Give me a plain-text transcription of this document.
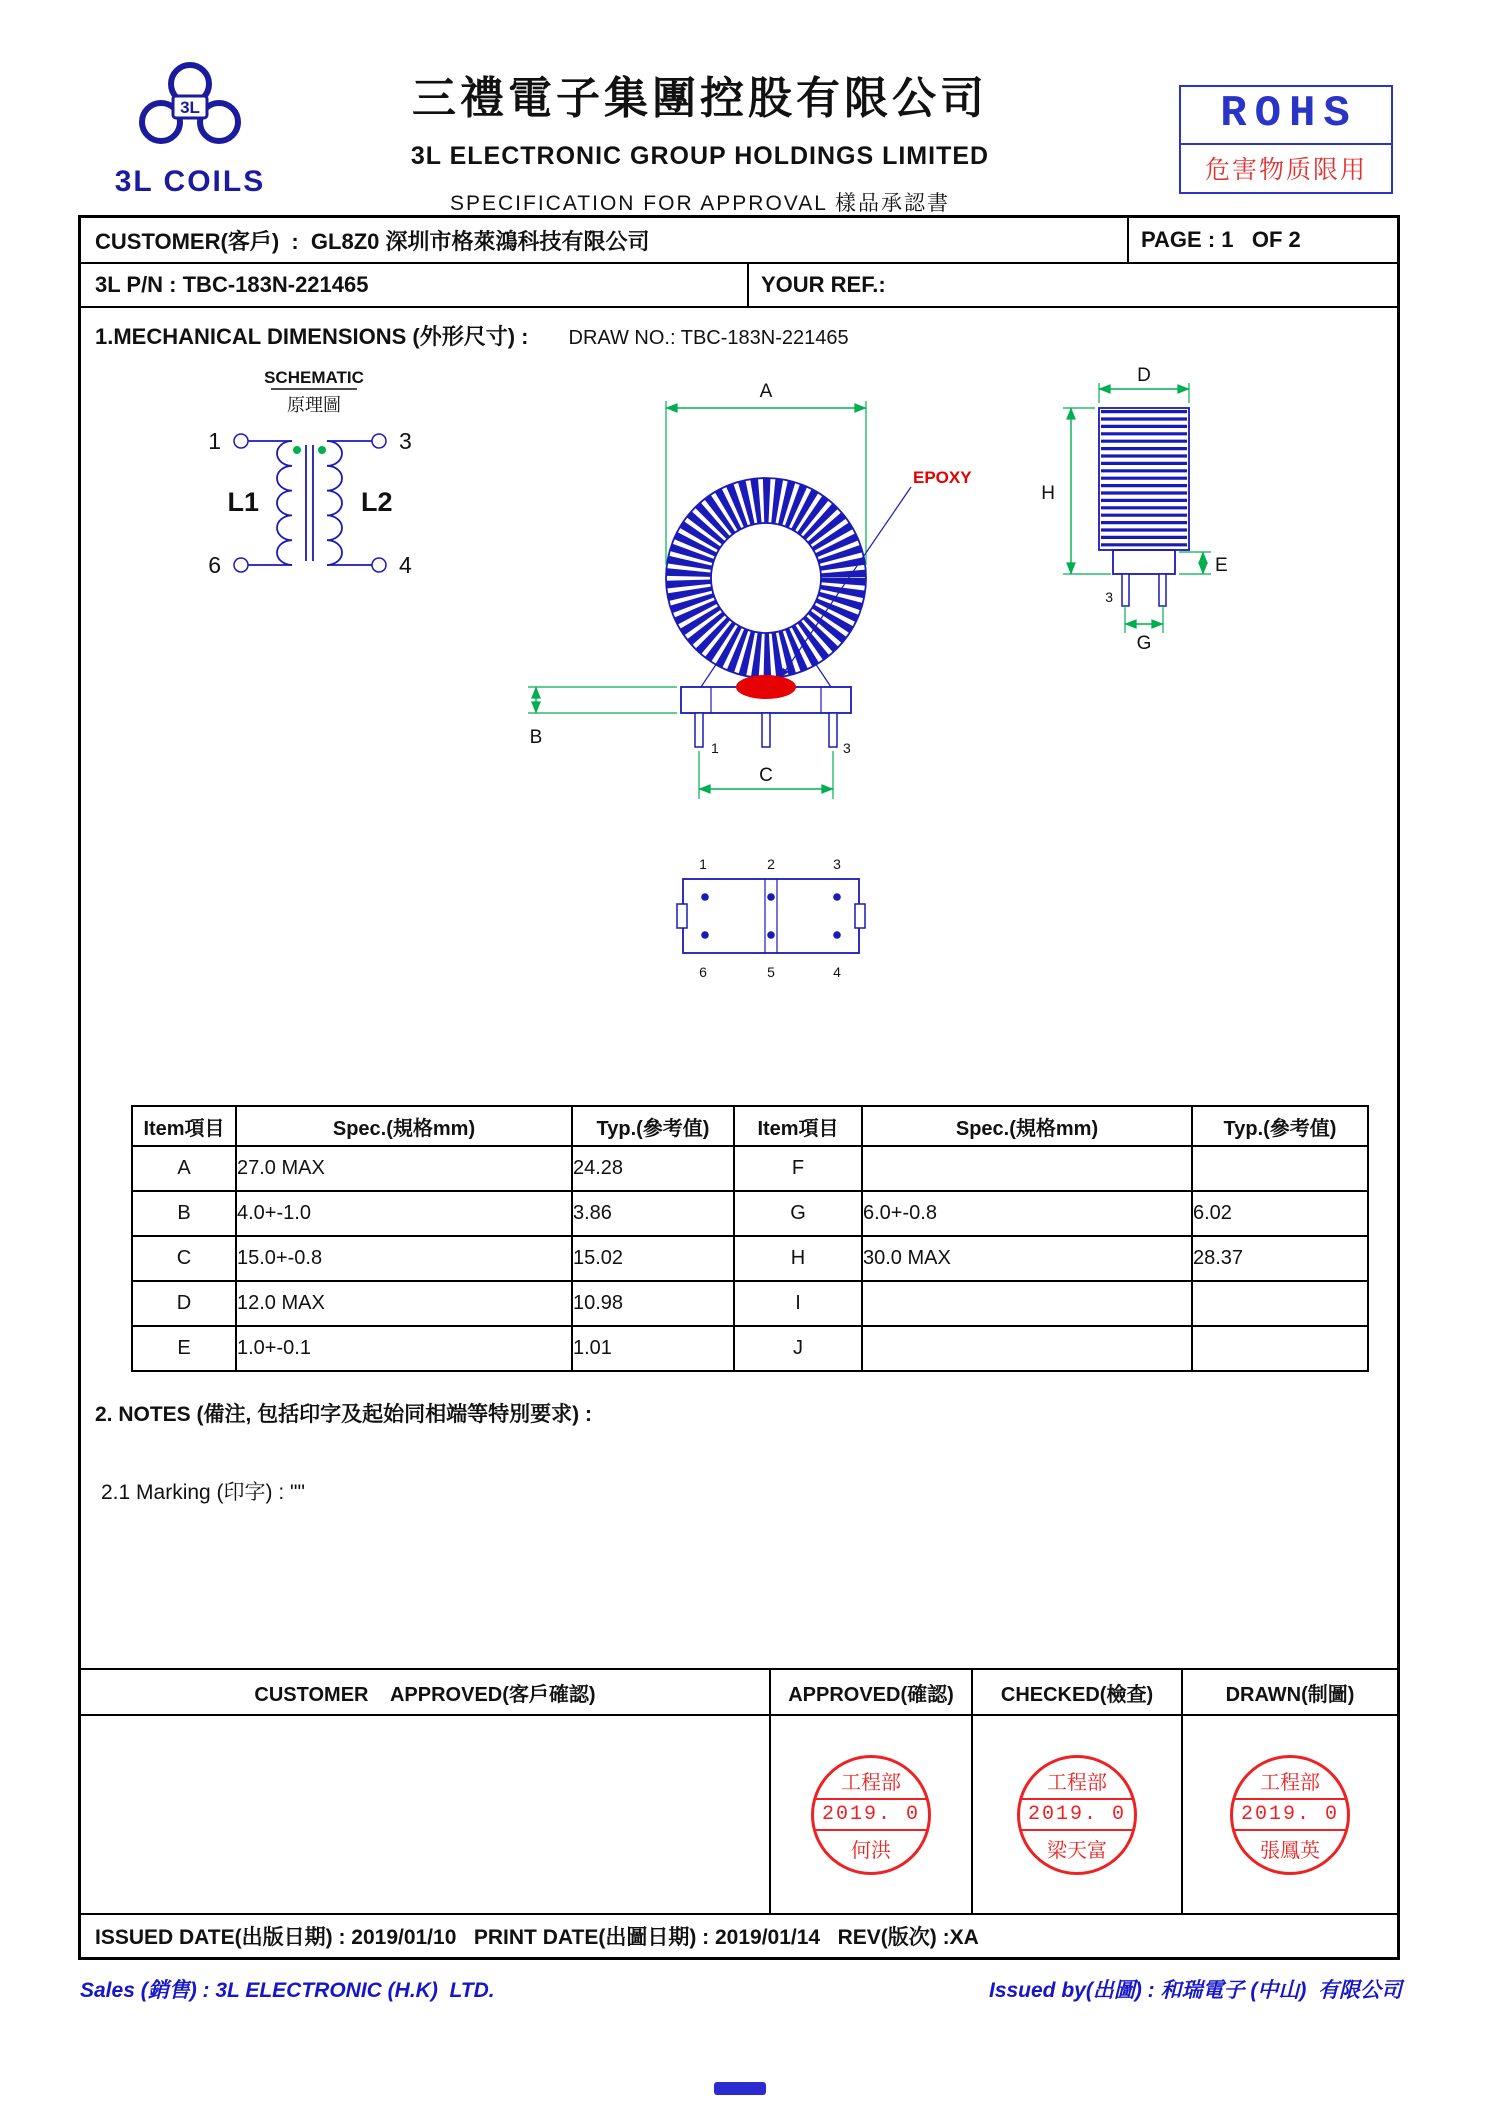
3L
3L COILS
三禮電子集團控股有限公司
3L ELECTRONIC GROUP HOLDINGS LIMITED
SPECIFICATION FOR APPROVAL 樣品承認書
ROHS
危害物质限用
CUSTOMER(客戶)  : GL8Z0 深圳市格萊鴻科技有限公司	PAGE : 1   OF 2
3L P/N : TBC-183N-221465	YOUR REF.:
1.MECHANICAL DIMENSIONS (外形尺寸) : DRAW NO.: TBC-183N-221465
SCHEMATIC
原理圖
1	3
6	4
L1	L2
A
1	3
EPOXY
B
C
D
3
H
E
G
1	2	3
6	5	4
Item項目	Spec.(規格mm)	Typ.(參考值)	Item項目	Spec.(規格mm)	Typ.(參考值)
A	27.0 MAX	24.28	F		
B	4.0+-1.0	3.86	G	6.0+-0.8	6.02
C	15.0+-0.8	15.02	H	30.0 MAX	28.37
D	12.0 MAX	10.98	I		
E	1.0+-0.1	1.01	J		
2. NOTES (備注, 包括印字及起始同相端等特別要求) :
2.1 Marking (印字) : ""
CUSTOMER    APPROVED(客戶確認)	APPROVED(確認)	CHECKED(檢查)	DRAWN(制圖)
工程部
2019. 0
何洪
工程部
2019. 0
梁天富
工程部
2019. 0
張鳳英
ISSUED DATE(出版日期) : 2019/01/10   PRINT DATE(出圖日期) : 2019/01/14   REV(版次) :XA
Sales (銷售) : 3L ELECTRONIC (H.K)  LTD.	Issued by(出圖) : 和瑞電子 (中山)  有限公司
